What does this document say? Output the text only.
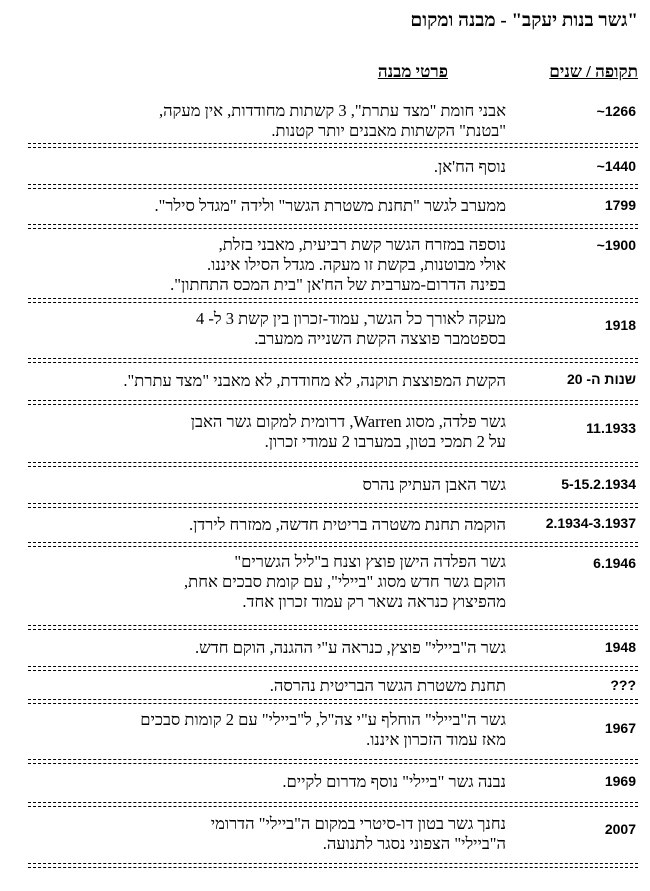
"גשר בנות יעקב" - מבנה ומקום
תקופה / שנים
פרטי מבנה
1266~
אבני חומת "מצד עתרת", 3 קשתות מחודדות, אין מעקה,
"בטנת" הקשתות מאבנים יותר קטנות.
1440~
נוסף הח'אן.
1799
ממערב לגשר "תחנת משטרת הגשר" ולידה "מגדל סילר".
1900~
נוספה במזרח הגשר קשת רביעית, מאבני בזלת,
אולי מבוטנות, בקשת זו מעקה. מגדל הסילו איננו.
בפינה הדרום-מערבית של הח'אן "בית המכס התחתון".
1918
מעקה לאורך כל הגשר, עמוד-זכרון בין קשת 3 ל- 4
בספטמבר פוצצה הקשת השנייה ממערב.
שנות ה- 20
הקשת המפוצצת תוקנה, לא מחודדת, לא מאבני "מצד עתרת".
11.1933
גשר פלדה, מסוג Warren, דרומית למקום גשר האבן
על 2 תמכי בטון, במערבו 2 עמודי זכרון.
5-15.2.1934
גשר האבן העתיק נהרס
2.1934-3.1937
הוקמה תחנת משטרה בריטית חדשה, ממזרח לירדן.
6.1946
גשר הפלדה הישן פוצץ וצנח ב"ליל הגשרים"
הוקם גשר חדש מסוג "ביילי", עם קומת סבכים אחת,
מהפיצוץ כנראה נשאר רק עמוד זכרון אחד.
1948
גשר ה"ביילי" פוצץ, כנראה ע"י ההגנה, הוקם חדש.
???
תחנת משטרת הגשר הבריטית נהרסה.
1967
גשר ה"ביילי" הוחלף ע"י צה"ל, ל"ביילי" עם 2 קומות סבכים
מאז עמוד הזכרון איננו.
1969
נבנה גשר "ביילי" נוסף מדרום לקיים.
2007
נחנך גשר בטון דו-סיטרי במקום ה"ביילי" הדרומי
ה"ביילי" הצפוני נסגר לתנועה.
